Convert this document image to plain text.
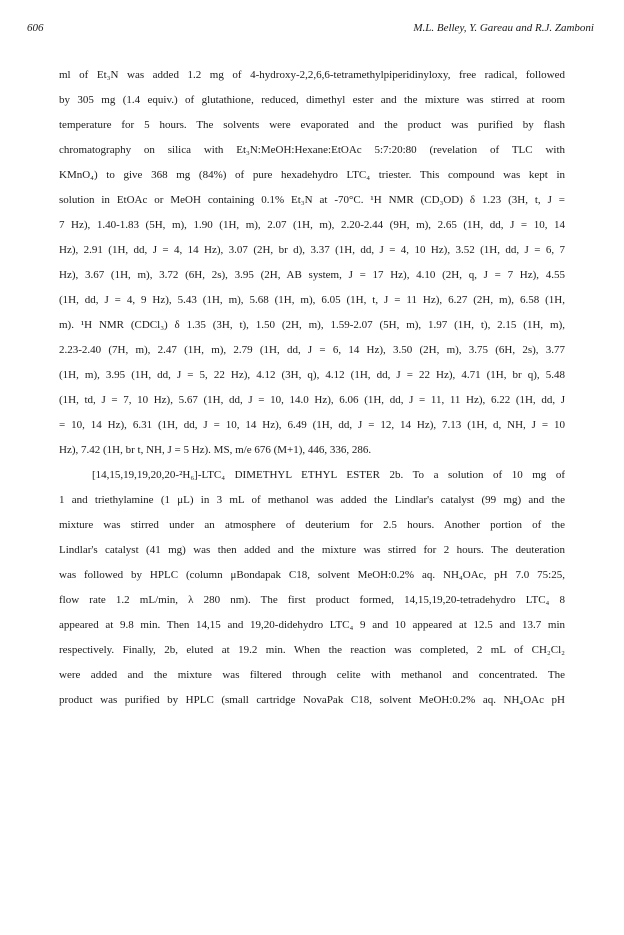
606	M.L. Belley, Y. Gareau and R.J. Zamboni
ml of Et₃N was added 1.2 mg of 4-hydroxy-2,2,6,6-tetramethylpiperidinyloxy, free radical, followed
by 305 mg (1.4 equiv.) of glutathione, reduced, dimethyl ester and the mixture was stirred at room
temperature for 5 hours. The solvents were evaporated and the product was purified by flash
chromatography on silica with Et₃N:MeOH:Hexane:EtOAc 5:7:20:80 (revelation of TLC with
KMnO₄) to give 368 mg (84%) of pure hexadehydro LTC₄ triester. This compound was kept in
solution in EtOAc or MeOH containing 0.1% Et₃N at -70°C. ¹H NMR (CD₃OD) δ 1.23 (3H, t, J =
7 Hz), 1.40-1.83 (5H, m), 1.90 (1H, m), 2.07 (1H, m), 2.20-2.44 (9H, m), 2.65 (1H, dd, J = 10, 14
Hz), 2.91 (1H, dd, J = 4, 14 Hz), 3.07 (2H, br d), 3.37 (1H, dd, J = 4, 10 Hz), 3.52 (1H, dd, J = 6, 7
Hz), 3.67 (1H, m), 3.72 (6H, 2s), 3.95 (2H, AB system, J = 17 Hz), 4.10 (2H, q, J = 7 Hz), 4.55
(1H, dd, J = 4, 9 Hz), 5.43 (1H, m), 5.68 (1H, m), 6.05 (1H, t, J = 11 Hz), 6.27 (2H, m), 6.58 (1H,
m). ¹H NMR (CDCl₃) δ 1.35 (3H, t), 1.50 (2H, m), 1.59-2.07 (5H, m), 1.97 (1H, t), 2.15 (1H, m),
2.23-2.40 (7H, m), 2.47 (1H, m), 2.79 (1H, dd, J = 6, 14 Hz), 3.50 (2H, m), 3.75 (6H, 2s), 3.77
(1H, m), 3.95 (1H, dd, J = 5, 22 Hz), 4.12 (3H, q), 4.12 (1H, dd, J = 22 Hz), 4.71 (1H, br q), 5.48
(1H, td, J = 7, 10 Hz), 5.67 (1H, dd, J = 10, 14.0 Hz), 6.06 (1H, dd, J = 11, 11 Hz), 6.22 (1H, dd, J
= 10, 14 Hz), 6.31 (1H, dd, J = 10, 14 Hz), 6.49 (1H, dd, J = 12, 14 Hz), 7.13 (1H, d, NH, J = 10
Hz), 7.42 (1H, br t, NH, J = 5 Hz). MS, m/e 676 (M+1), 446, 336, 286.
[14,15,19,19,20,20-²H₆]-LTC₄ DIMETHYL ETHYL ESTER 2b. To a solution of 10 mg of
1 and triethylamine (1 μL) in 3 mL of methanol was added the Lindlar's catalyst (99 mg) and the
mixture was stirred under an atmosphere of deuterium for 2.5 hours. Another portion of the
Lindlar's catalyst (41 mg) was then added and the mixture was stirred for 2 hours. The deuteration
was followed by HPLC (column μBondapak C18, solvent MeOH:0.2% aq. NH₄OAc, pH 7.0 75:25,
flow rate 1.2 mL/min, λ 280 nm). The first product formed, 14,15,19,20-tetradehydro LTC₄ 8
appeared at 9.8 min. Then 14,15 and 19,20-didehydro LTC₄ 9 and 10 appeared at 12.5 and 13.7 min
respectively. Finally, 2b, eluted at 19.2 min. When the reaction was completed, 2 mL of CH₂Cl₂
were added and the mixture was filtered through celite with methanol and concentrated. The
product was purified by HPLC (small cartridge NovaPak C18, solvent MeOH:0.2% aq. NH₄OAc pH
